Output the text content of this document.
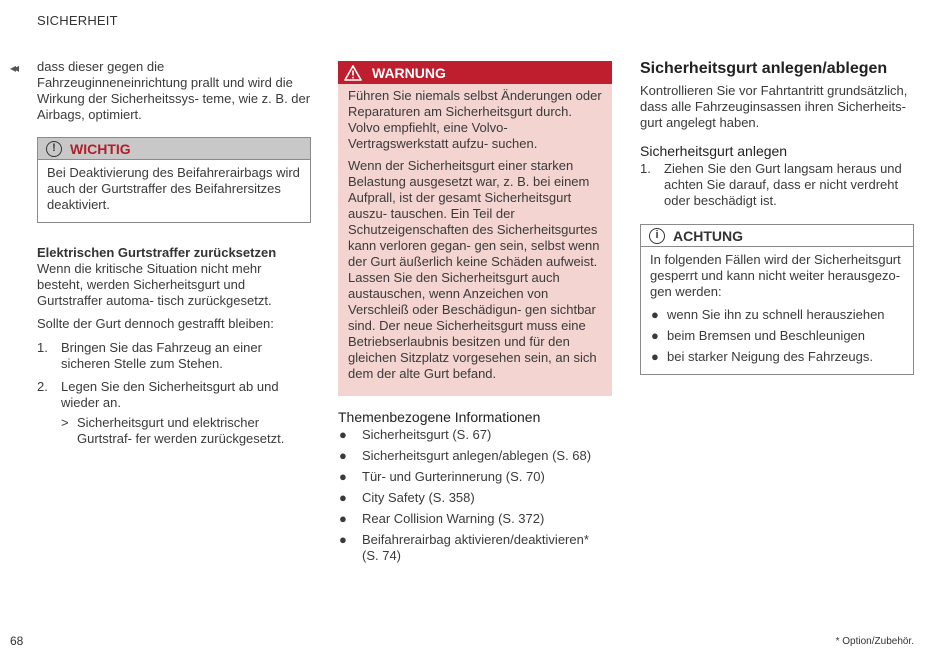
SICHERHEIT
◂◂ dass dieser gegen die Fahrzeuginneneinrichtung prallt und wird die Wirkung der Sicherheitssys- teme, wie z. B. der Airbags, optimiert.

!	WICHTIG
Bei Deaktivierung des Beifahrerairbags wird auch der Gurtstraffer des Beifahrersitzes deaktiviert.
Elektrischen Gurtstraffer zurücksetzen

Wenn die kritische Situation nicht mehr besteht, werden Sicherheitsgurt und Gurtstraffer automa- tisch zurückgesetzt.

Sollte der Gurt dennoch gestrafft bleiben:

1. Bringen Sie das Fahrzeug an einer sicheren Stelle zum Stehen.
2. Legen Sie den Sicherheitsgurt ab und wieder an.
> Sicherheitsgurt und elektrischer Gurtstraf- fer werden zurückgesetzt.
WARNUNG

Führen Sie niemals selbst Änderungen oder Reparaturen am Sicherheitsgurt durch. Volvo empfiehlt, eine Volvo-Vertragswerkstatt aufzu- suchen.

Wenn der Sicherheitsgurt einer starken Belastung ausgesetzt war, z. B. bei einem Aufprall, ist der gesamt Sicherheitsgurt auszu- tauschen. Ein Teil der Schutzeigenschaften des Sicherheitsgurtes kann verloren gegan- gen sein, selbst wenn der Gurt äußerlich keine Schäden aufweist. Lassen Sie den Sicherheitsgurt auch austauschen, wenn Anzeichen von Verschleiß oder Beschädigun- gen sichtbar sind. Der neue Sicherheitsgurt muss eine Betriebserlaubnis besitzen und für den gleichen Sitzplatz vorgesehen sein, an sich dem der alte Gurt befand.

Themenbezogene Informationen
● Sicherheitsgurt (S. 67)
● Sicherheitsgurt anlegen/ablegen (S. 68)
● Tür- und Gurterinnerung (S. 70)
● City Safety (S. 358)
● Rear Collision Warning (S. 372)
● Beifahrerairbag aktivieren/deaktivieren* (S. 74)
Sicherheitsgurt anlegen/ablegen

Kontrollieren Sie vor Fahrtantritt grundsätzlich, dass alle Fahrzeuginsassen ihren Sicherheits- gurt angelegt haben.

Sicherheitsgurt anlegen
1. Ziehen Sie den Gurt langsam heraus und achten Sie darauf, dass er nicht verdreht oder beschädigt ist.
i	ACHTUNG

In folgenden Fällen wird der Sicherheitsgurt gesperrt und kann nicht weiter herausgezo- gen werden:

● wenn Sie ihn zu schnell herausziehen
● beim Bremsen und Beschleunigen
● bei starker Neigung des Fahrzeugs.
68	* Option/Zubehör.
